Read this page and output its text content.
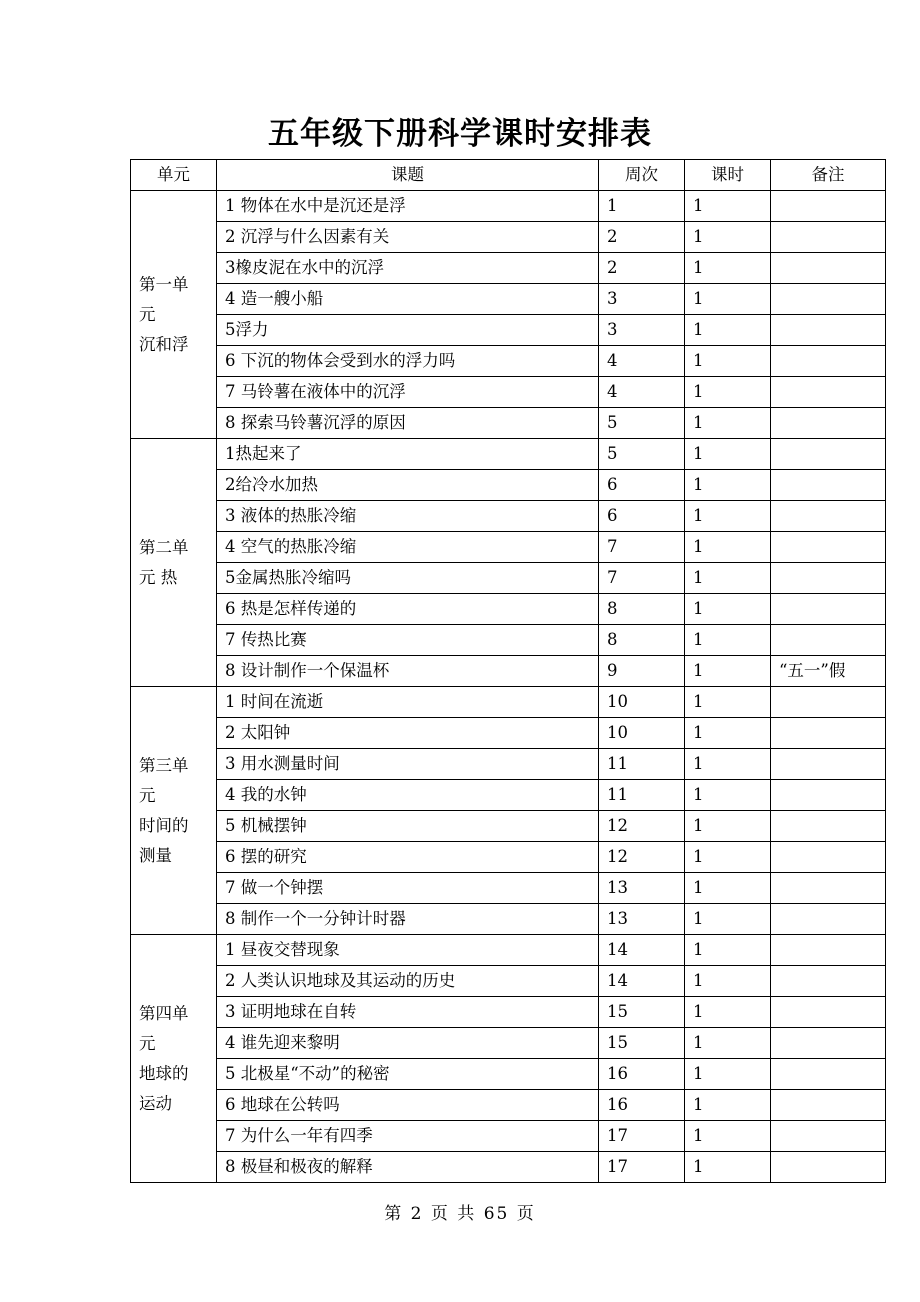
五年级下册科学课时安排表
单元	课题	周次	课时	备注

第一单
元
沉和浮	1 物体在水中是沉还是浮	1	1	
	2 沉浮与什么因素有关	2	1	
	3橡皮泥在水中的沉浮	2	1	
	4 造一艘小船	3	1	
	5浮力	3	1	
	6 下沉的物体会受到水的浮力吗	4	1	
	7 马铃薯在液体中的沉浮	4	1	
	8 探索马铃薯沉浮的原因	5	1	

第二单
元 热	1热起来了	5	1	
	2给冷水加热	6	1	
	3 液体的热胀冷缩	6	1	
	4 空气的热胀冷缩	7	1	
	5金属热胀冷缩吗	7	1	
	6 热是怎样传递的	8	1	
	7 传热比赛	8	1	
	8 设计制作一个保温杯	9	1	“五一”假

第三单
元
时间的
测量	1 时间在流逝	10	1	
	2 太阳钟	10	1	
	3 用水测量时间	11	1	
	4 我的水钟	11	1	
	5 机械摆钟	12	1	
	6 摆的研究	12	1	
	7 做一个钟摆	13	1	
	8 制作一个一分钟计时器	13	1	

第四单
元
地球的
运动	1 昼夜交替现象	14	1	
	2 人类认识地球及其运动的历史	14	1	
	3 证明地球在自转	15	1	
	4 谁先迎来黎明	15	1	
	5 北极星“不动”的秘密	16	1	
	6 地球在公转吗	16	1	
	7 为什么一年有四季	17	1	
	8 极昼和极夜的解释	17	1	
第 2 页 共 65 页
